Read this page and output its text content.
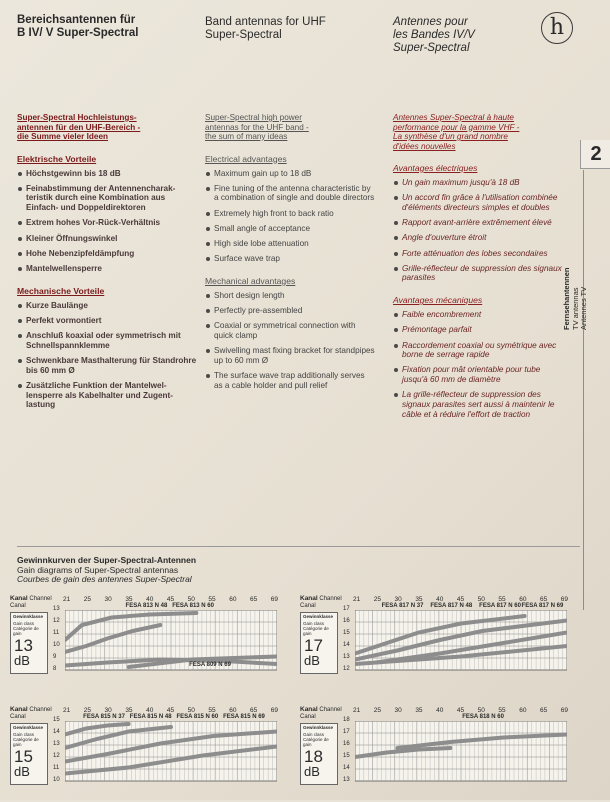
Bereichsantennen für
B IV/ V Super-Spectral
Band antennas for UHF
Super-Spectral
Antennes pour
les Bandes IV/V
Super-Spectral
h
Super-Spectral Hochleistungs-
antennen für den UHF-Bereich -
die Summe vieler Ideen
Elektrische Vorteile
Höchstgewinn bis 18 dB
Feinabstimmung der Antennencharak-teristik durch eine Kombination aus Einfach- und Doppeldirektoren
Extrem hohes Vor-Rück-Verhältnis
Kleiner Öffnungswinkel
Hohe Nebenzipfeldämpfung
Mantelwellensperre
Mechanische Vorteile
Kurze Baulänge
Perfekt vormontiert
Anschluß koaxial oder symmetrisch mit Schnellspannklemme
Schwenkbare Masthalterung für Standrohre bis 60 mm Ø
Zusätzliche Funktion der Mantelwel-lensperre als Kabelhalter und Zugent-lastung
Super-Spectral high power
antennas for the UHF band -
the sum of many ideas
Electrical advantages
Maximum gain up to 18 dB
Fine tuning of the antenna characteristic by a combination of single and double directors
Extremely high front to back ratio
Small angle of acceptance
High side lobe attenuation
Surface wave trap
Mechanical advantages
Short design length
Perfectly pre-assembled
Coaxial or symmetrical connection with quick clamp
Swivelling mast fixing bracket for standpipes up to 60 mm Ø
The surface wave trap additionally serves as a cable holder and pull relief
Antennes Super-Spectral à haute
performance pour la gamme VHF -
La synthèse d'un grand nombre
d'idées nouvelles
Avantages électriques
Un gain maximum jusqu'à 18 dB
Un accord fin grâce à l'utilisation combinée d'éléments directeurs simples et doubles
Rapport avant-arrière extrêmement élevé
Angle d'ouverture étroit
Forte atténuation des lobes secondaires
Grille-réflecteur de suppression des signaux parasites
Avantages mécaniques
Faible encombrement
Prémontage parfait
Raccordement coaxial ou symétrique avec borne de serrage rapide
Fixation pour mât orientable pour tube jusqu'à 60 mm de diamètre
La grille-réflecteur de suppression des signaux parasites sert aussi à maintenir le câble et à réduire l'effort de traction
2
Fernsehantennen TV antennas Antennes TV
Gewinnkurven der Super-Spectral-Antennen
Gain diagrams of Super-Spectral antennas
Courbes de gain des antennes Super-Spectral
Kanal Channel
Canal
21 25 30 35 40 45 50 55 60 65 69
Gewinnklasse
Gain class
Catégorie de gain
13
dB
13
12
11
10
9
8
FESA 813 N 48 FESA 813 N 60
FESA 809 N 69
Kanal Channel
Canal
21 25 30 35 40 45 50 55 60 65 69
Gewinnklasse
Gain class
Catégorie de gain
17
dB
17
16
15
14
13
12
FESA 817 N 37 FESA 817 N 48 FESA 817 N 60 FESA 817 N 69
Kanal Channel
Canal
21 25 30 35 40 45 50 55 60 65 69
Gewinnklasse
Gain class
Catégorie de gain
15
dB
15
14
13
12
11
10
FESA 815 N 37 FESA 815 N 48 FESA 815 N 60 FESA 815 N 69
Kanal Channel
Canal
21 25 30 35 40 45 50 55 60 65 69
Gewinnklasse
Gain class
Catégorie de gain
18
dB
18
17
16
15
14
13
FESA 818 N 60
